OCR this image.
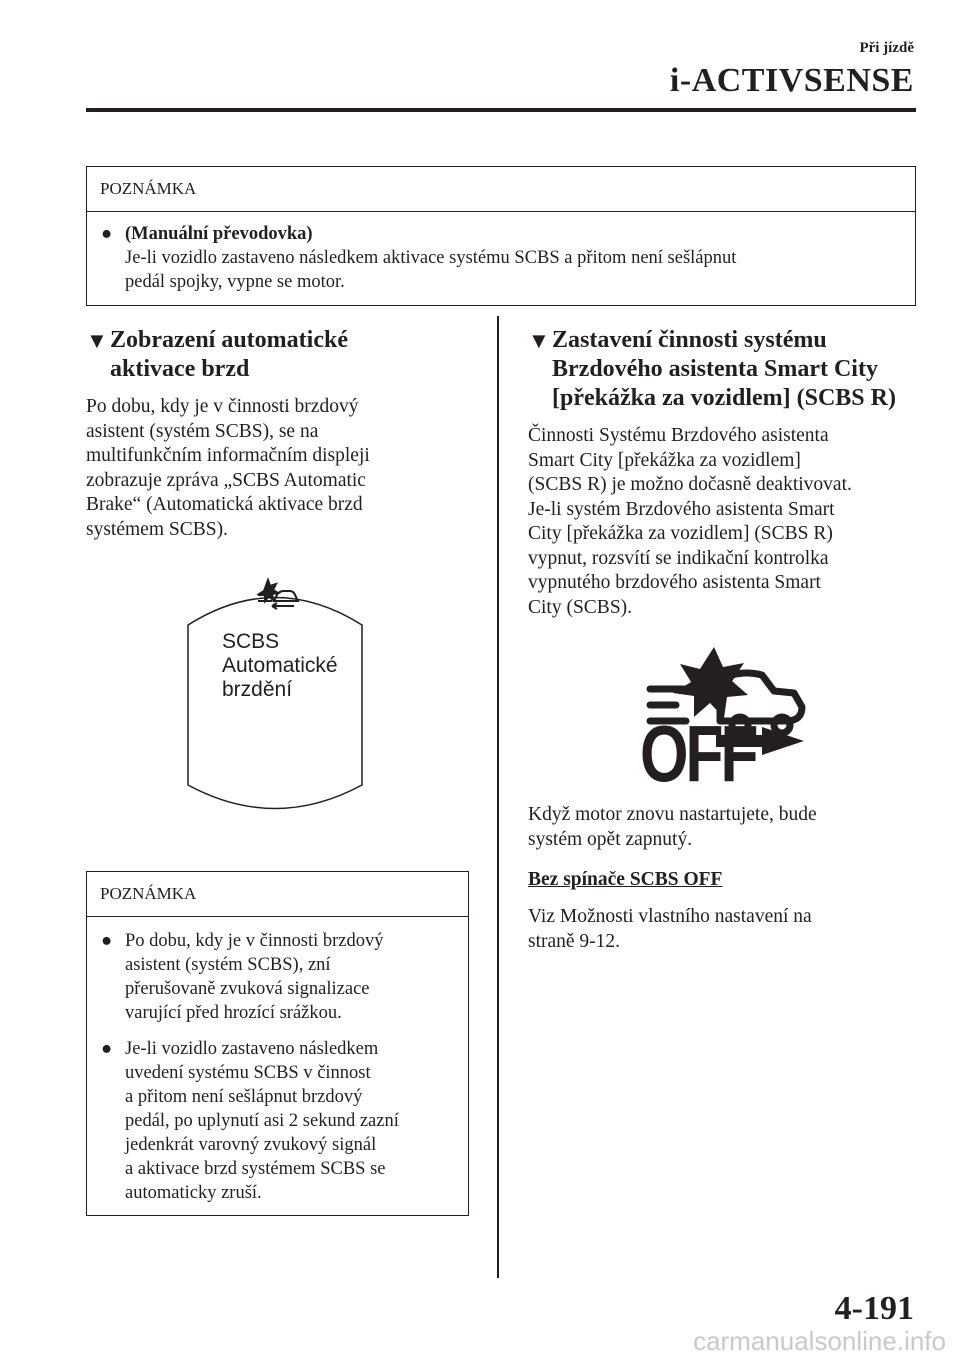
Při jízdě
i-ACTIVSENSE
POZNÁMKA
● (Manuální převodovka)
Je-li vozidlo zastaveno následkem aktivace systému SCBS a přitom není sešlápnut
pedál spojky, vypne se motor.
▼ Zobrazení automatické
aktivace brzd
Po dobu, kdy je v činnosti brzdový
asistent (systém SCBS), se na
multifunkčním informačním displeji
zobrazuje zpráva „SCBS Automatic
Brake“ (Automatická aktivace brzd
systémem SCBS).
SCBS
Automatické
brzdění
POZNÁMKA
● Po dobu, kdy je v činnosti brzdový
asistent (systém SCBS), zní
přerušovaně zvuková signalizace
varující před hrozící srážkou.
● Je-li vozidlo zastaveno následkem
uvedení systému SCBS v činnost
a přitom není sešlápnut brzdový
pedál, po uplynutí asi 2 sekund zazní
jedenkrát varovný zvukový signál
a aktivace brzd systémem SCBS se
automaticky zruší.
▼ Zastavení činnosti systému
Brzdového asistenta Smart City
[překážka za vozidlem] (SCBS R)
Činnosti Systému Brzdového asistenta
Smart City [překážka za vozidlem]
(SCBS R) je možno dočasně deaktivovat.
Je-li systém Brzdového asistenta Smart
City [překážka za vozidlem] (SCBS R)
vypnut, rozsvítí se indikační kontrolka
vypnutého brzdového asistenta Smart
City (SCBS).
OFF
Když motor znovu nastartujete, bude
systém opět zapnutý.
Bez spínače SCBS OFF
Viz Možnosti vlastního nastavení na
straně 9-12.
4-191
carmanualsonline.info
